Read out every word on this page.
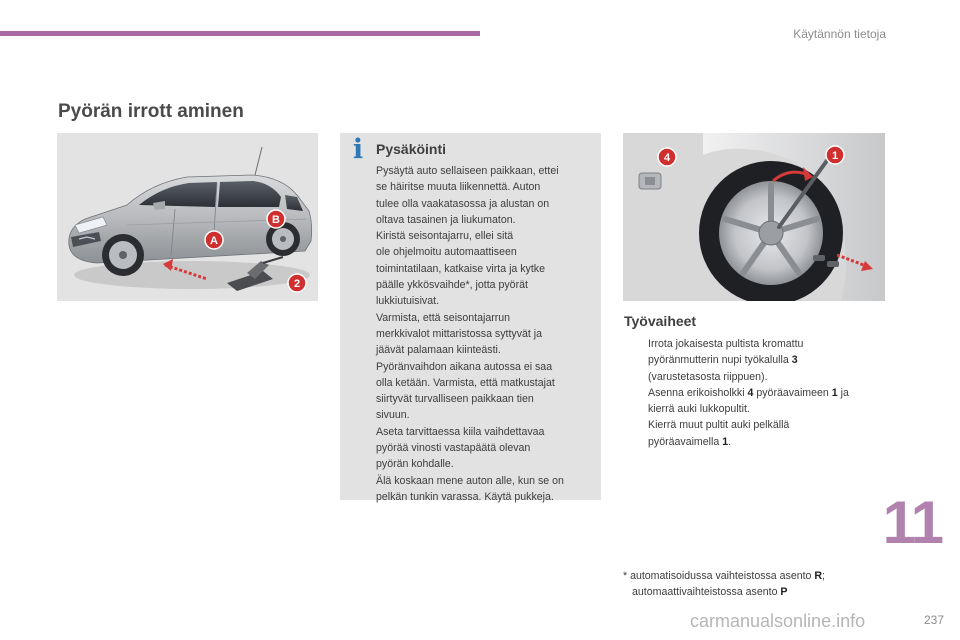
Käytännön tietoja
Pyörän irrott aminen
A
B
2
i Pysäköinti

Pysäytä auto sellaiseen paikkaan, ettei

se häiritse muuta liikennettä. Auton

tulee olla vaakatasossa ja alustan on

oltava tasainen ja liukumaton.

Kiristä seisontajarru, ellei sitä

ole ohjelmoitu automaattiseen

toimintatilaan, katkaise virta ja kytke

päälle ykkösvaihde*, jotta pyörät

lukkiutuisivat.

Varmista, että seisontajarrun

merkkivalot mittaristossa syttyvät ja

jäävät palamaan kiinteästi.

Pyöränvaihdon aikana autossa ei saa

olla ketään. Varmista, että matkustajat

siirtyvät turvalliseen paikkaan tien

sivuun.

Aseta tarvittaessa kiila vaihdettavaa

pyörää vinosti vastapäätä olevan

pyörän kohdalle.

Älä koskaan mene auton alle, kun se on

pelkän tunkin varassa. Käytä pukkeja.

4	1
Työvaiheet
Irrota jokaisesta pultista kromattu
pyöränmutterin nupi työkalulla 3
(varustetasosta riippuen).
Asenna erikoisholkki 4 pyöräavaimeen 1 ja
kierrä auki lukkopultit.
Kierrä muut pultit auki pelkällä
pyöräavaimella 1.
* automatisoidussa vaihteistossa asento R;
automaattivaihteistossa asento P
11
carmanualsonline.info	237
